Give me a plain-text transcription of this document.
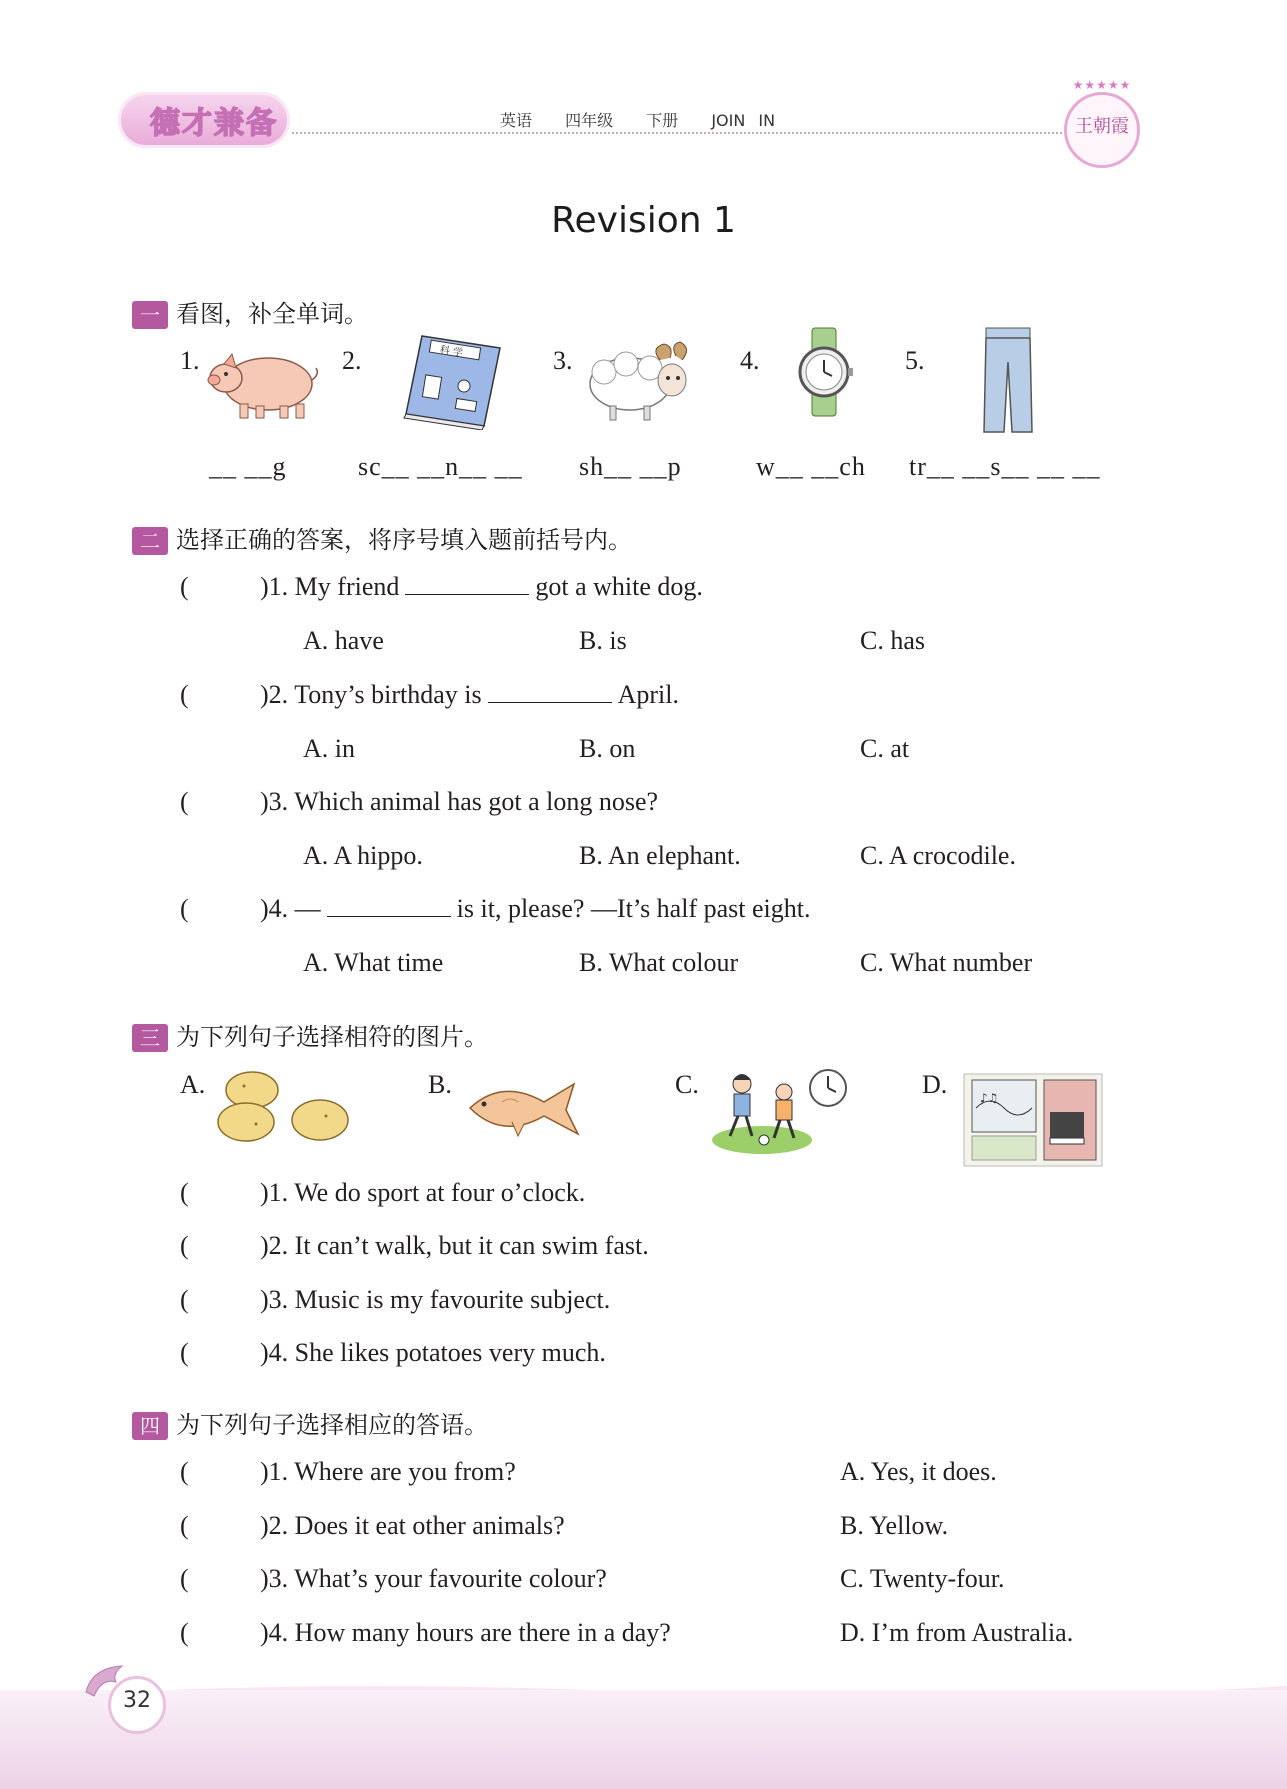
德才兼备	英语 四年级 下册 JOIN IN
★★★★★
王朝霞
Revision 1
一 看图，补全单词。
1.	2.	3.	4.	5.
科 学
__ __g	sc__ __n__ __ sh__ __p	w__ __ch tr__ __s__ __ __
二 选择正确的答案，将序号填入题前括号内。
(	)1. My friend	got a white dog.
A. have	B. is	C. has
(	)2. Tony’s birthday is	April.
A. in	B. on	C. at
(	)3. Which animal has got a long nose?
A. A hippo.	B. An elephant.	C. A crocodile.
(	)4. —	is it, please? —It’s half past eight.
A. What time	B. What colour	C. What number
三 为下列句子选择相符的图片。
A.	B.	C.	D.	♪♫
(	)1. We do sport at four o’clock.
(	)2. It can’t walk, but it can swim fast.
(	)3. Music is my favourite subject.
(	)4. She likes potatoes very much.
四 为下列句子选择相应的答语。
(	)1. Where are you from?	A. Yes, it does.
(	)2. Does it eat other animals?	B. Yellow.
(	)3. What’s your favourite colour?	C. Twenty-four.
(	)4. How many hours are there in a day?	D. I’m from Australia.
32
